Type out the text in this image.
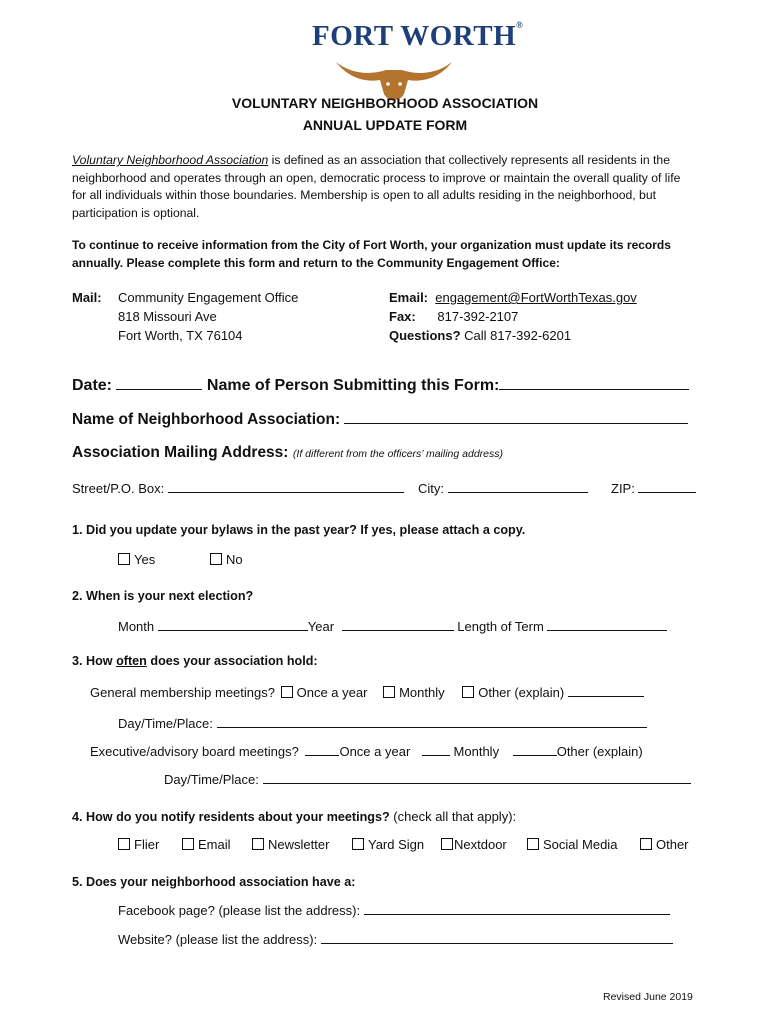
FORT WORTH®
VOLUNTARY NEIGHBORHOOD ASSOCIATION
ANNUAL UPDATE FORM
Voluntary Neighborhood Association is defined as an association that collectively represents all residents in the
neighborhood and operates through an open, democratic process to improve or maintain the overall quality of life
for all individuals within those boundaries. Membership is open to all adults residing in the neighborhood, but
participation is optional.
To continue to receive information from the City of Fort Worth, your organization must update its records
annually. Please complete this form and return to the Community Engagement Office:
Mail: Community Engagement Office
818 Missouri Ave
Fort Worth, TX 76104
Email: engagement@FortWorthTexas.gov
Fax: 817-392-2107
Questions? Call 817-392-6201
Date:	Name of Person Submitting this Form:
Name of Neighborhood Association:
Association Mailing Address: (If different from the officers’ mailing address)
Street/P.O. Box:	City:	ZIP:
1. Did you update your bylaws in the past year? If yes, please attach a copy.
Yes	No
2. When is your next election?
Month	Year	Length of Term
3. How often does your association hold:
General membership meetings? Once a year Monthly	Other (explain)
Day/Time/Place:
Executive/advisory board meetings?	Once a year	Monthly	Other (explain)
Day/Time/Place:
4. How do you notify residents about your meetings? (check all that apply):
Flier	Email	Newsletter	Yard Sign	Nextdoor	Social Media	Other
5. Does your neighborhood association have a:
Facebook page? (please list the address):
Website? (please list the address):
Revised June 2019
